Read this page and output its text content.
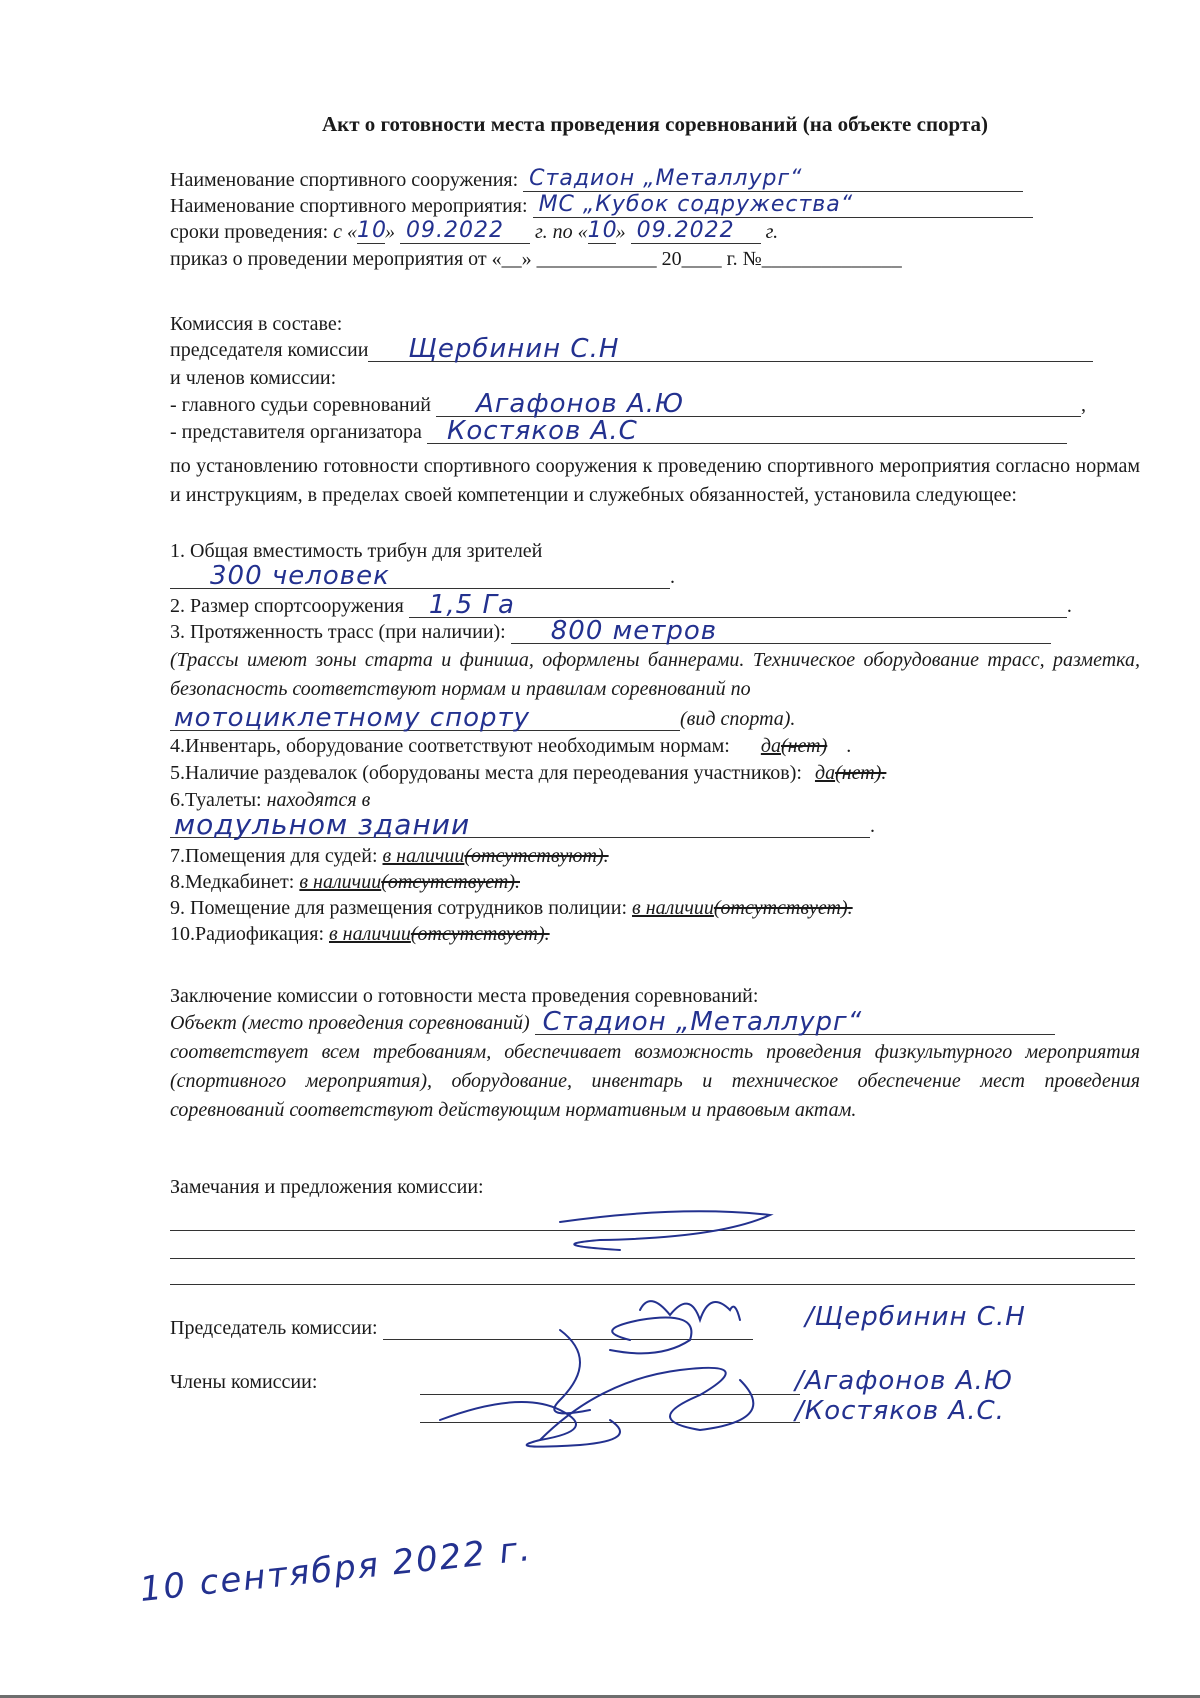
Акт о готовности места проведения соревнований (на объекте спорта)
Наименование спортивного сооружения: Стадион „Металлург“
Наименование спортивного мероприятия: МС „Кубок содружества“
сроки проведения: с « 10
» 09.2022 г. по « 10
» 09.2022 г.
приказ о проведении мероприятия от «__» ____________ 20____ г. №______________
Комиссия в составе:
председателя комиссии Щербинин С.Н
и членов комиссии:
- главного судьи соревнований Агафонов А.Ю	,
- представителя организатора Костяков А.С
по установлению готовности спортивного сооружения к проведению спортивного мероприятия согласно нормам и инструкциям, в пределах своей компетенции и служебных обязанностей, установила следующее:
1. Общая вместимость трибун для зрителей
300 человек	.
2. Размер спортсооружения 1,5 Га	.
3. Протяженность трасс (при наличии): 800 метров
(Трассы имеют зоны старта и финиша, оформлены баннерами. Техническое оборудование трасс, разметка, безопасность соответствуют нормам и правилам соревнований по
мотоциклетному спорту	(вид спорта).
4.Инвентарь, оборудование соответствуют необходимым нормам: да(нет) .
5.Наличие раздевалок (оборудованы места для переодевания участников): да(нет).
6.Туалеты: находятся в
модульном здании	.
7.Помещения для судей: в наличии(отсутствуют).
8.Медкабинет: в наличии(отсутствует).
9. Помещение для размещения сотрудников полиции: в наличии(отсутствует).
10.Радиофикация: в наличии(отсутствует).
Заключение комиссии о готовности места проведения соревнований:
Объект (место проведения соревнований) Стадион „Металлург“
соответствует всем требованиям, обеспечивает возможность проведения физкультурного мероприятия (спортивного мероприятия), оборудование, инвентарь и техническое обеспечение мест проведения соревнований соответствуют действующим нормативным и правовым актам.
Замечания и предложения комиссии:
Председатель комиссии:	/Щербинин С.Н
Члены комиссии:	/Агафонов А.Ю
/Костяков А.С.
10 сентября 2022 г.
